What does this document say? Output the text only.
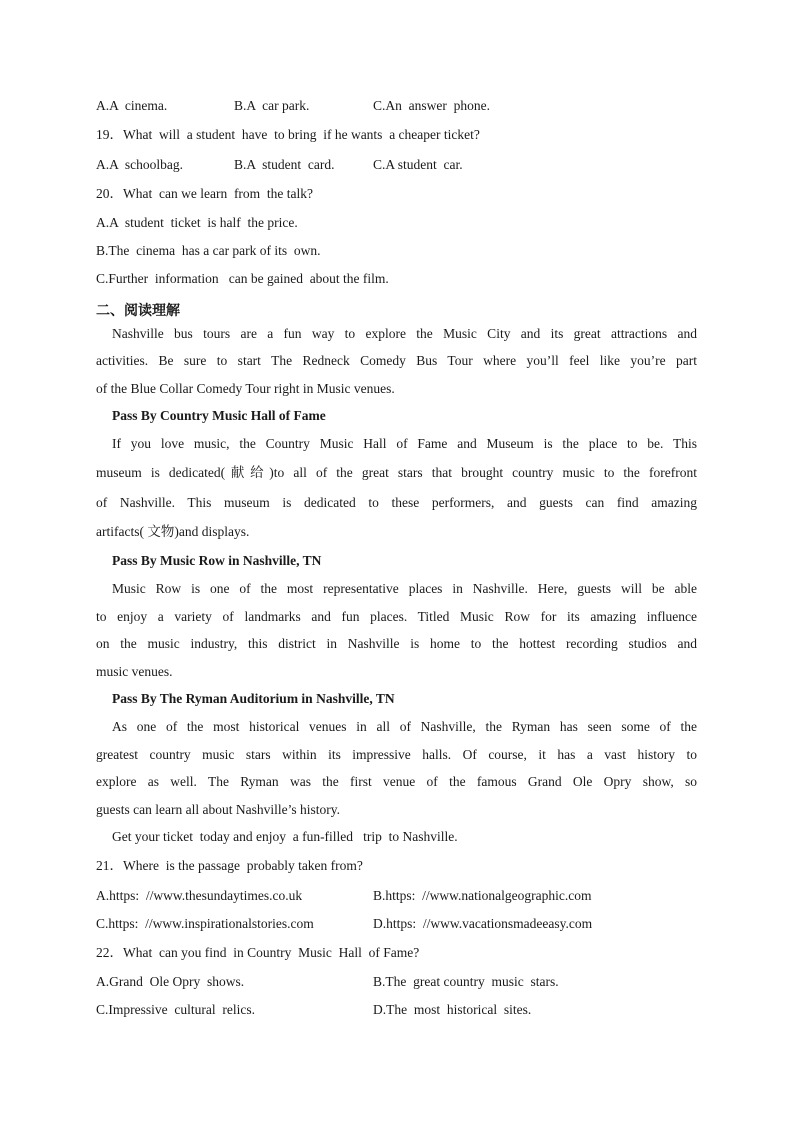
A.A  cinema.	B.A  car park.	C.An  answer  phone.
19．What  will  a student  have  to bring  if he wants  a cheaper ticket?
A.A  schoolbag.	B.A  student  card.	C.A student  car.
20．What  can we learn  from  the talk?
A.A  student  ticket  is half  the price.
B.The  cinema  has a car park of its  own.
C.Further  information   can be gained  about the film.
二、阅读理解
Nashville bus tours are a fun way to explore the Music City and its great attractions and
activities. Be sure to start The Redneck Comedy Bus Tour where you’ll feel like you’re part
of the Blue Collar Comedy Tour right in Music venues.
Pass By Country Music Hall of Fame
If you love music, the Country Music Hall of Fame and Museum is the place to be. This
museum is dedicated(献给)to all of the great stars that brought country music to the forefront
of Nashville. This museum is dedicated to these performers, and guests can find amazing
artifacts( 文物)and displays.
Pass By Music Row in Nashville, TN
Music Row is one of the most representative places in Nashville. Here, guests will be able
to enjoy a variety of landmarks and fun places. Titled Music Row for its amazing influence
on the music industry, this district in Nashville is home to the hottest recording studios and
music venues.
Pass By The Ryman Auditorium in Nashville, TN
As one of the most historical venues in all of Nashville, the Ryman has seen some of the
greatest country music stars within its impressive halls. Of course, it has a vast history to
explore as well. The Ryman was the first venue of the famous Grand Ole Opry show, so
guests can learn all about Nashville’s history.
Get your ticket  today and enjoy  a fun-filled   trip  to Nashville.
21．Where  is the passage  probably taken from?
A.https:  //www.thesundaytimes.co.uk	B.https:  //www.nationalgeographic.com
C.https:  //www.inspirationalstories.com	D.https:  //www.vacationsmadeeasy.com
22．What  can you find  in Country  Music  Hall  of Fame?
A.Grand  Ole Opry  shows.	B.The  great country  music  stars.
C.Impressive  cultural  relics.	D.The  most  historical  sites.
